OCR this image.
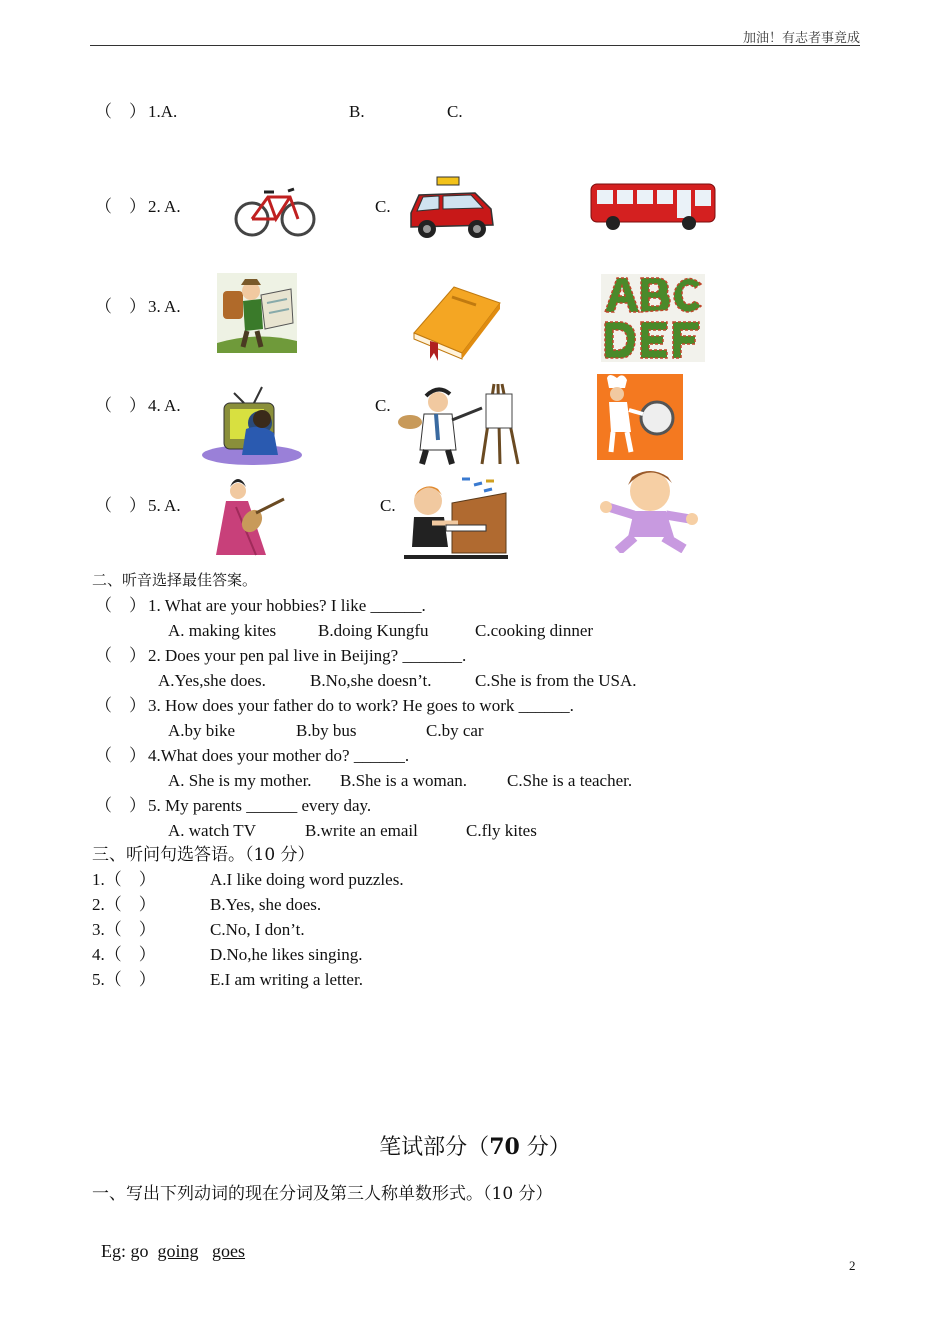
加油！有志者事竟成
（    ） 1.A.	B.	C.
（    ） 2. A.	C.
（    ） 3. A.
（    ） 4. A.	C.
（    ） 5. A.	C.
二、听音选择最佳答案。
（    ） 1. What are your hobbies? I like ______.
A. making kites B.doing Kungfu	C.cooking dinner
（    ） 2. Does your pen pal live in Beijing? _______.
A.Yes,she does.	B.No,she doesn’t.	C.She is from the USA.
（    ） 3. How does your father do to work? He goes to work ______.
A.by bike	B.by bus	C.by car
（    ） 4.What does your mother do? ______.
A. She is my mother. B.She is a woman. C.She is a teacher.
（    ） 5. My parents ______ every day.
A. watch TV	B.write an email	C.fly kites
三、听问句选答语。（10 分）
1.（    ）	A.I like doing word puzzles.
2.（    ）	B.Yes, she does.
3.（    ）	C.No, I don’t.
4.（    ）	D.No,he likes singing.
5.（    ）	E.I am writing a letter.
笔试部分（70 分）
一、写出下列动词的现在分词及第三人称单数形式。（10 分）

Eg: go going goes

2
